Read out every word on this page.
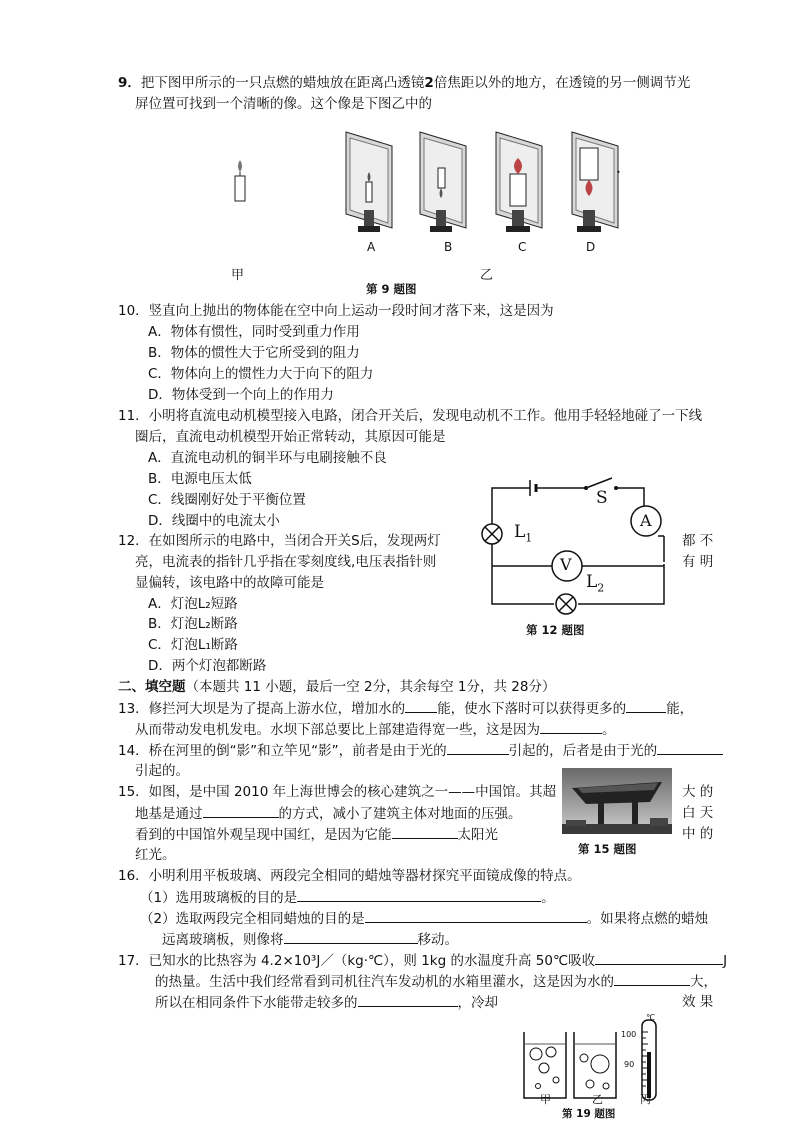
9．把下图甲所示的一只点燃的蜡烛放在距离凸透镜2倍焦距以外的地方，在透镜的另一侧调节光
屏位置可找到一个清晰的像。这个像是下图乙中的
A	B	C	D
•
甲	乙
第 9 题图
10．竖直向上抛出的物体能在空中向上运动一段时间才落下来，这是因为
A．物体有惯性，同时受到重力作用
B．物体的惯性大于它所受到的阻力
C．物体向上的惯性力大于向下的阻力
D．物体受到一个向上的作用力
11．小明将直流电动机模型接入电路，闭合开关后，发现电动机不工作。他用手轻轻地碰了一下线
圈后，直流电动机模型开始正常转动，其原因可能是
A．直流电动机的铜半环与电刷接触不良
B．电源电压太低
C．线圈刚好处于平衡位置
D．线圈中的电流太小
S
A
V
$L_1$
$L_2$
第 12 题图
12．在如图所示的电路中，当闭合开关S后，发现两灯	都 不
亮，电流表的指针几乎指在零刻度线,电压表指针则	有 明
显偏转，该电路中的故障可能是
A．灯泡L₂短路
B．灯泡L₂断路
C．灯泡L₁断路
D．两个灯泡都断路
二、填空题（本题共 11 小题，最后一空 2分，其余每空 1分，共 28分）
13．修拦河大坝是为了提高上游水位，增加水的 能，使水下落时可以获得更多的	能，
从而带动发电机发电。水坝下部总要比上部建造得宽一些，这是因为	。
14．桥在河里的倒“影”和立竿见“影”，前者是由于光的	引起的，后者是由于光的
引起的。
15．如图，是中国 2010 年上海世博会的核心建筑之一——中国馆。其超	大 的
地基是通过	的方式，减小了建筑主体对地面的压强。	白 天
看到的中国馆外观呈现中国红，是因为它能	太阳光	中 的
红光。	第 15 题图
16．小明利用平板玻璃、两段完全相同的蜡烛等器材探究平面镜成像的特点。
（1）选用玻璃板的目的是	。
（2）选取两段完全相同蜡烛的目的是	。如果将点燃的蜡烛
远离玻璃板，则像将	移动。
17．已知水的比热容为 4.2×10³J／（kg·℃），则 1kg 的水温度升高 50℃吸收	J
的热量。生活中我们经常看到司机往汽车发动机的水箱里灌水，这是因为水的	大，
所以在相同条件下水能带走较多的	，冷却	效 果
℃
100
90
甲	乙	丙
第 19 题图
